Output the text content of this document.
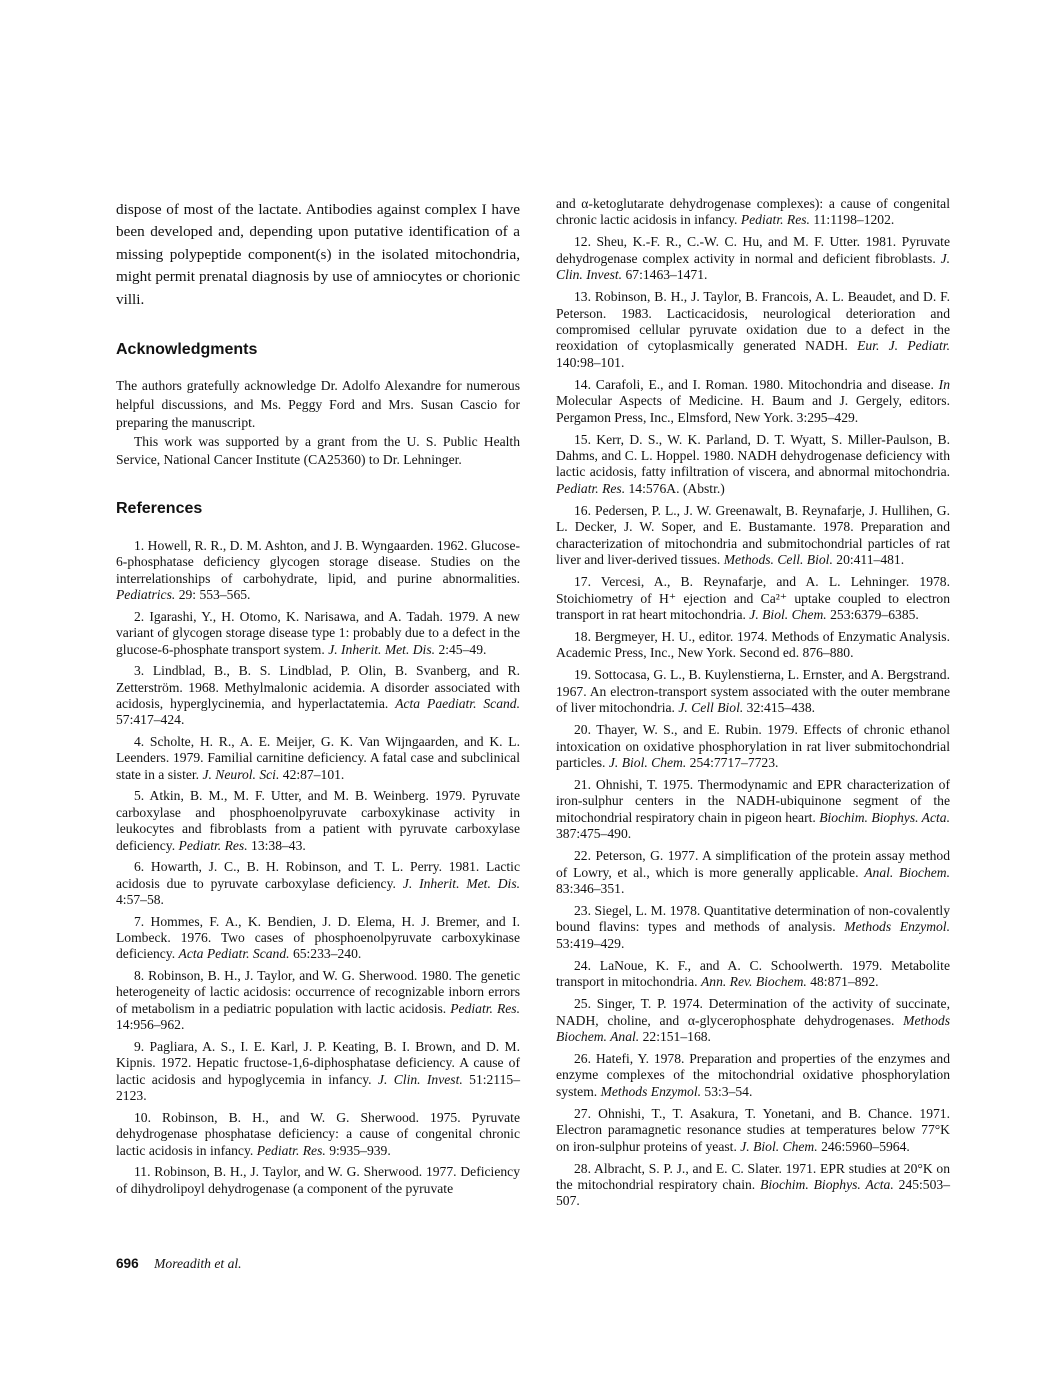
dispose of most of the lactate. Antibodies against complex I have been developed and, depending upon putative identification of a missing polypeptide component(s) in the isolated mitochondria, might permit prenatal diagnosis by use of amniocytes or chorionic villi.

Acknowledgments

The authors gratefully acknowledge Dr. Adolfo Alexandre for numerous helpful discussions, and Ms. Peggy Ford and Mrs. Susan Cascio for preparing the manuscript.

This work was supported by a grant from the U. S. Public Health Service, National Cancer Institute (CA25360) to Dr. Lehninger.

References

1. Howell, R. R., D. M. Ashton, and J. B. Wyngaarden. 1962. Glucose-6-phosphatase deficiency glycogen storage disease. Studies on the interrelationships of carbohydrate, lipid, and purine abnormalities. Pediatrics. 29: 553–565.

2. Igarashi, Y., H. Otomo, K. Narisawa, and A. Tadah. 1979. A new variant of glycogen storage disease type 1: probably due to a defect in the glucose-6-phosphate transport system. J. Inherit. Met. Dis. 2:45–49.

3. Lindblad, B., B. S. Lindblad, P. Olin, B. Svanberg, and R. Zetterström. 1968. Methylmalonic acidemia. A disorder associated with acidosis, hyperglycinemia, and hyperlactatemia. Acta Paediatr. Scand. 57:417–424.

4. Scholte, H. R., A. E. Meijer, G. K. Van Wijngaarden, and K. L. Leenders. 1979. Familial carnitine deficiency. A fatal case and subclinical state in a sister. J. Neurol. Sci. 42:87–101.

5. Atkin, B. M., M. F. Utter, and M. B. Weinberg. 1979. Pyruvate carboxylase and phosphoenolpyruvate carboxykinase activity in leukocytes and fibroblasts from a patient with pyruvate carboxylase deficiency. Pediatr. Res. 13:38–43.

6. Howarth, J. C., B. H. Robinson, and T. L. Perry. 1981. Lactic acidosis due to pyruvate carboxylase deficiency. J. Inherit. Met. Dis. 4:57–58.

7. Hommes, F. A., K. Bendien, J. D. Elema, H. J. Bremer, and I. Lombeck. 1976. Two cases of phosphoenolpyruvate carboxykinase deficiency. Acta Pediatr. Scand. 65:233–240.

8. Robinson, B. H., J. Taylor, and W. G. Sherwood. 1980. The genetic heterogeneity of lactic acidosis: occurrence of recognizable inborn errors of metabolism in a pediatric population with lactic acidosis. Pediatr. Res. 14:956–962.

9. Pagliara, A. S., I. E. Karl, J. P. Keating, B. I. Brown, and D. M. Kipnis. 1972. Hepatic fructose-1,6-diphosphatase deficiency. A cause of lactic acidosis and hypoglycemia in infancy. J. Clin. Invest. 51:2115–2123.

10. Robinson, B. H., and W. G. Sherwood. 1975. Pyruvate dehydrogenase phosphatase deficiency: a cause of congenital chronic lactic acidosis in infancy. Pediatr. Res. 9:935–939.

11. Robinson, B. H., J. Taylor, and W. G. Sherwood. 1977. Deficiency of dihydrolipoyl dehydrogenase (a component of the pyruvate

and α-ketoglutarate dehydrogenase complexes): a cause of congenital chronic lactic acidosis in infancy. Pediatr. Res. 11:1198–1202.

12. Sheu, K.-F. R., C.-W. C. Hu, and M. F. Utter. 1981. Pyruvate dehydrogenase complex activity in normal and deficient fibroblasts. J. Clin. Invest. 67:1463–1471.

13. Robinson, B. H., J. Taylor, B. Francois, A. L. Beaudet, and D. F. Peterson. 1983. Lacticacidosis, neurological deterioration and compromised cellular pyruvate oxidation due to a defect in the reoxidation of cytoplasmically generated NADH. Eur. J. Pediatr. 140:98–101.

14. Carafoli, E., and I. Roman. 1980. Mitochondria and disease. In Molecular Aspects of Medicine. H. Baum and J. Gergely, editors. Pergamon Press, Inc., Elmsford, New York. 3:295–429.

15. Kerr, D. S., W. K. Parland, D. T. Wyatt, S. Miller-Paulson, B. Dahms, and C. L. Hoppel. 1980. NADH dehydrogenase deficiency with lactic acidosis, fatty infiltration of viscera, and abnormal mitochondria. Pediatr. Res. 14:576A. (Abstr.)

16. Pedersen, P. L., J. W. Greenawalt, B. Reynafarje, J. Hullihen, G. L. Decker, J. W. Soper, and E. Bustamante. 1978. Preparation and characterization of mitochondria and submitochondrial particles of rat liver and liver-derived tissues. Methods. Cell. Biol. 20:411–481.

17. Vercesi, A., B. Reynafarje, and A. L. Lehninger. 1978. Stoichiometry of H⁺ ejection and Ca²⁺ uptake coupled to electron transport in rat heart mitochondria. J. Biol. Chem. 253:6379–6385.

18. Bergmeyer, H. U., editor. 1974. Methods of Enzymatic Analysis. Academic Press, Inc., New York. Second ed. 876–880.

19. Sottocasa, G. L., B. Kuylenstierna, L. Ernster, and A. Bergstrand. 1967. An electron-transport system associated with the outer membrane of liver mitochondria. J. Cell Biol. 32:415–438.

20. Thayer, W. S., and E. Rubin. 1979. Effects of chronic ethanol intoxication on oxidative phosphorylation in rat liver submitochondrial particles. J. Biol. Chem. 254:7717–7723.

21. Ohnishi, T. 1975. Thermodynamic and EPR characterization of iron-sulphur centers in the NADH-ubiquinone segment of the mitochondrial respiratory chain in pigeon heart. Biochim. Biophys. Acta. 387:475–490.

22. Peterson, G. 1977. A simplification of the protein assay method of Lowry, et al., which is more generally applicable. Anal. Biochem. 83:346–351.

23. Siegel, L. M. 1978. Quantitative determination of non-covalently bound flavins: types and methods of analysis. Methods Enzymol. 53:419–429.

24. LaNoue, K. F., and A. C. Schoolwerth. 1979. Metabolite transport in mitochondria. Ann. Rev. Biochem. 48:871–892.

25. Singer, T. P. 1974. Determination of the activity of succinate, NADH, choline, and α-glycerophosphate dehydrogenases. Methods Biochem. Anal. 22:151–168.

26. Hatefi, Y. 1978. Preparation and properties of the enzymes and enzyme complexes of the mitochondrial oxidative phosphorylation system. Methods Enzymol. 53:3–54.

27. Ohnishi, T., T. Asakura, T. Yonetani, and B. Chance. 1971. Electron paramagnetic resonance studies at temperatures below 77°K on iron-sulphur proteins of yeast. J. Biol. Chem. 246:5960–5964.

28. Albracht, S. P. J., and E. C. Slater. 1971. EPR studies at 20°K on the mitochondrial respiratory chain. Biochim. Biophys. Acta. 245:503–507.

696 Moreadith et al.
